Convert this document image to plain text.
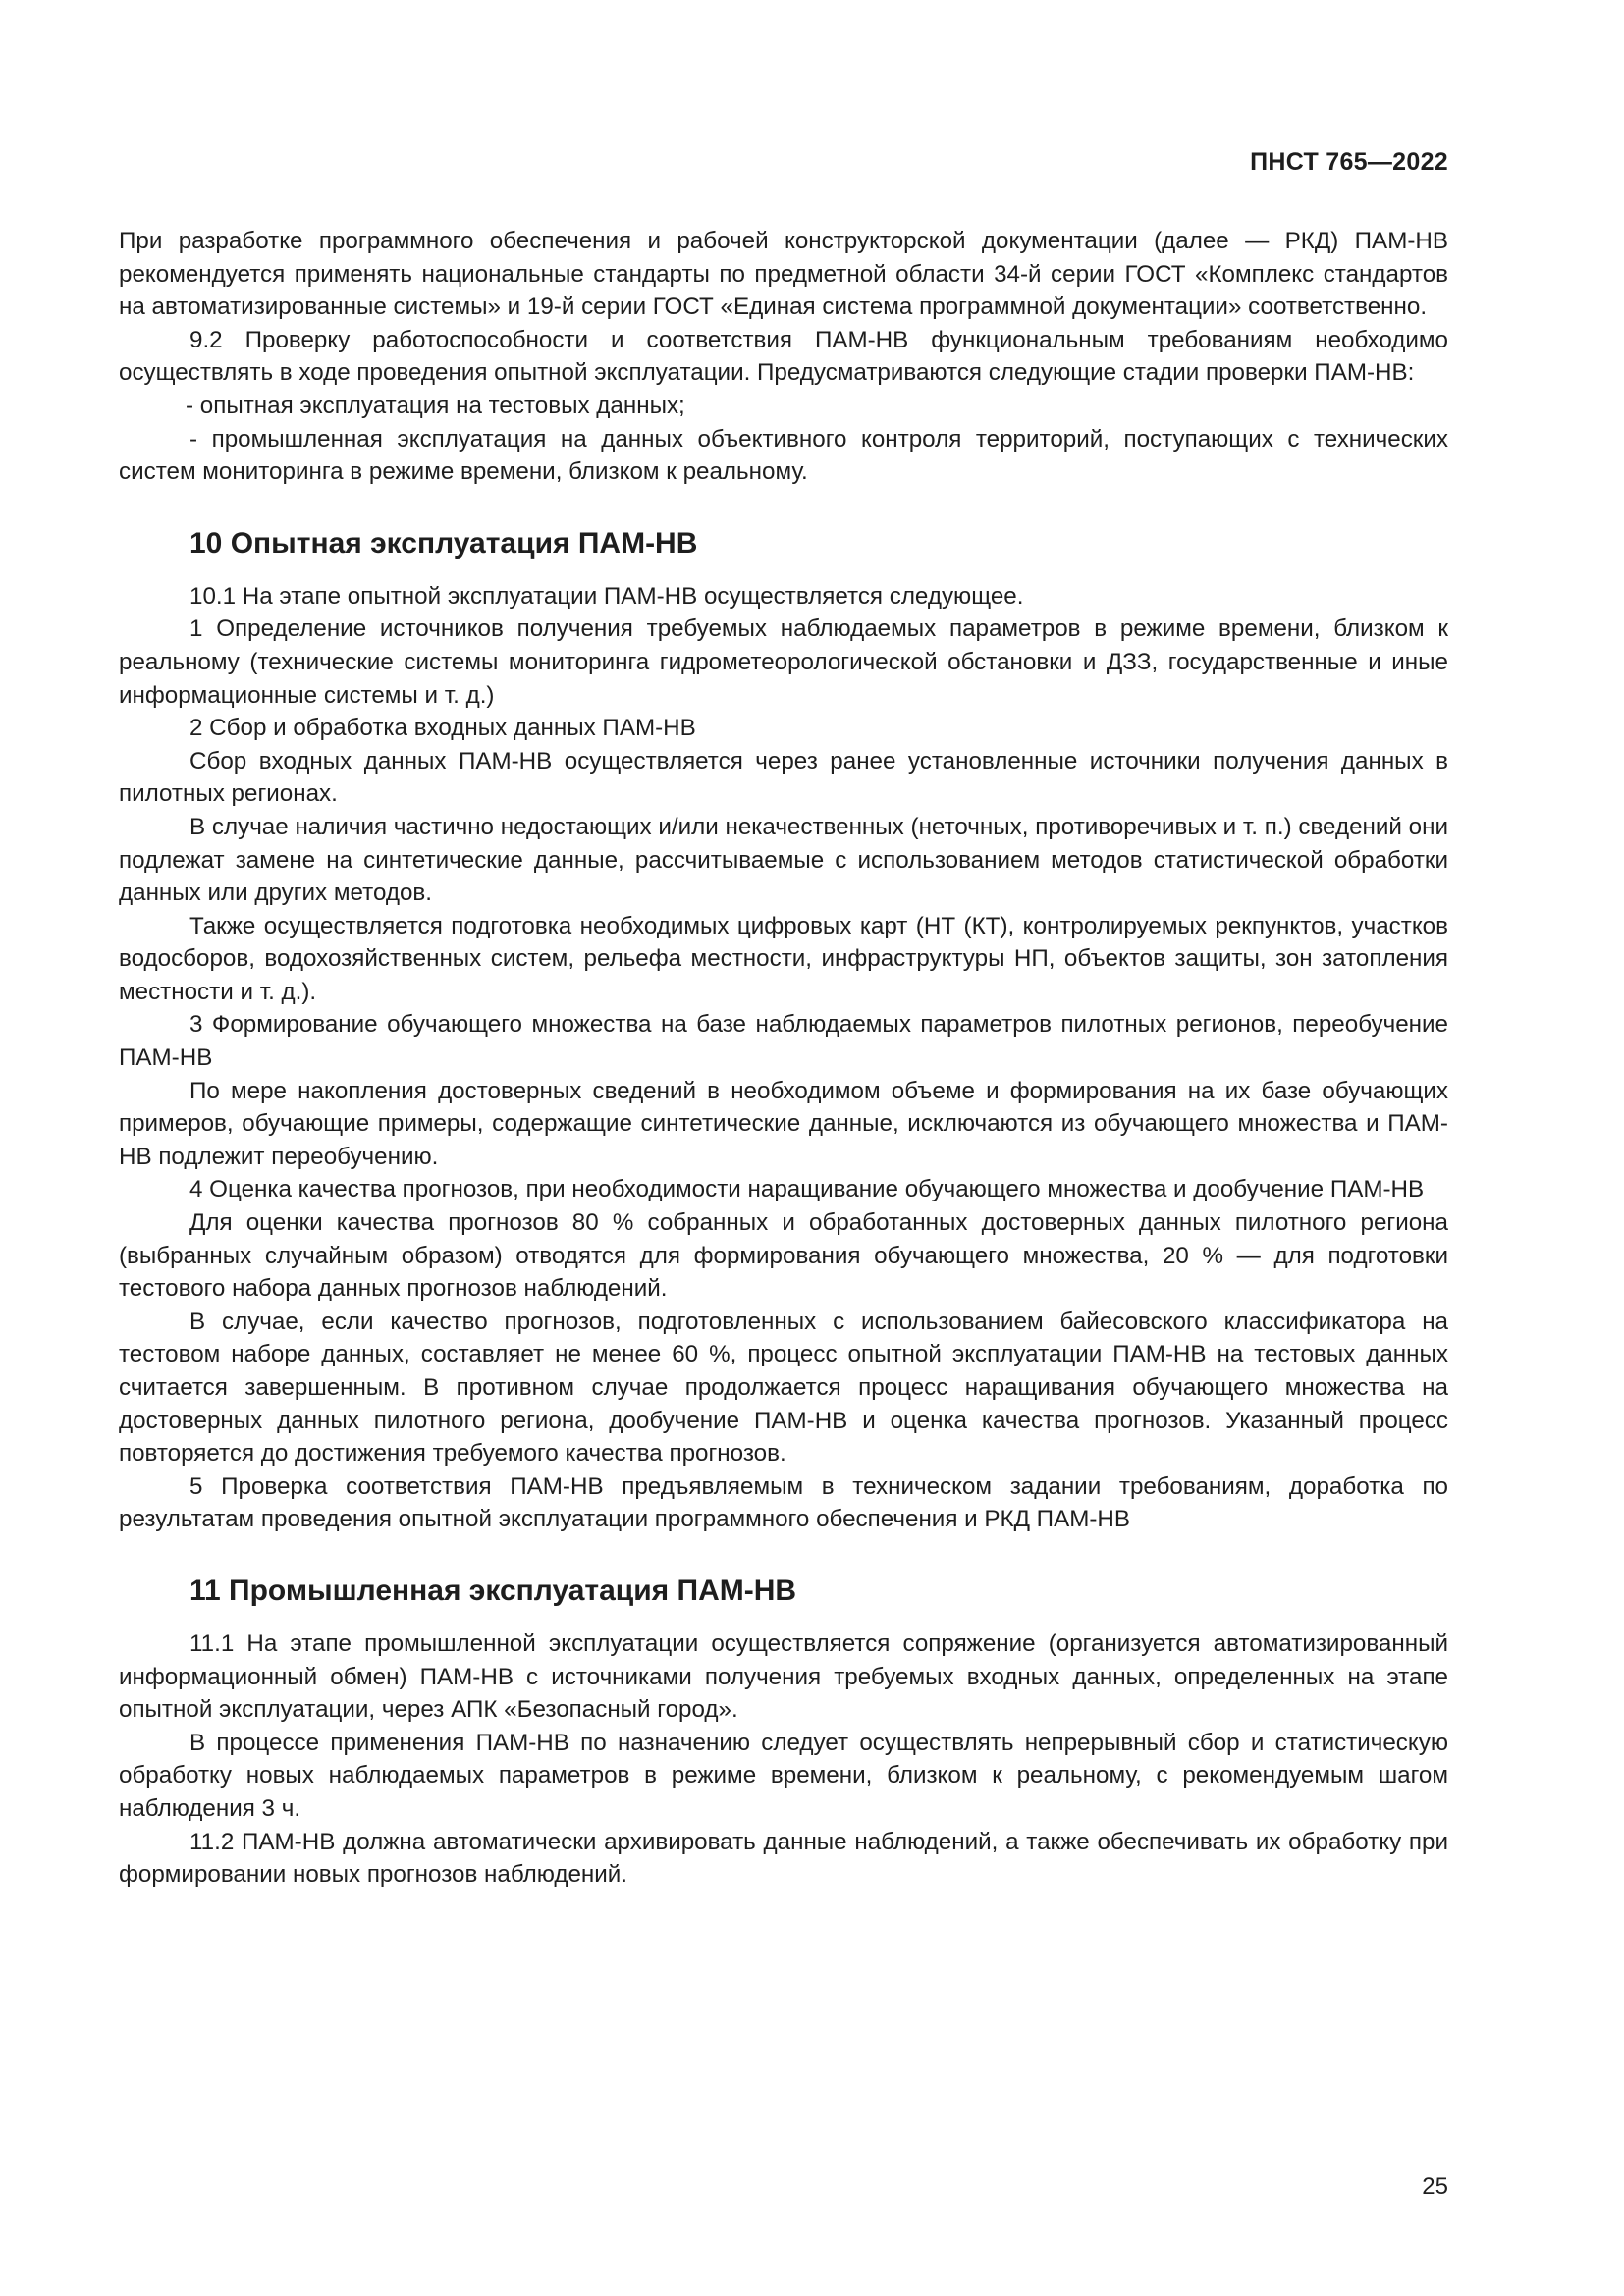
ПНСТ 765—2022

При разработке программного обеспечения и рабочей конструкторской документации (далее — РКД) ПАМ-НВ рекомендуется применять национальные стандарты по предметной области 34-й серии ГОСТ «Комплекс стандартов на автоматизированные системы» и 19-й серии ГОСТ «Единая система программной документации» соответственно.

9.2 Проверку работоспособности и соответствия ПАМ-НВ функциональным требованиям необходимо осуществлять в ходе проведения опытной эксплуатации. Предусматриваются следующие стадии проверки ПАМ-НВ:

- опытная эксплуатация на тестовых данных;

- промышленная эксплуатация на данных объективного контроля территорий, поступающих с технических систем мониторинга в режиме времени, близком к реальному.

10 Опытная эксплуатация ПАМ-НВ

10.1 На этапе опытной эксплуатации ПАМ-НВ осуществляется следующее.

1 Определение источников получения требуемых наблюдаемых параметров в режиме времени, близком к реальному (технические системы мониторинга гидрометеорологической обстановки и ДЗЗ, государственные и иные информационные системы и т. д.)

2 Сбор и обработка входных данных ПАМ-НВ

Сбор входных данных ПАМ-НВ осуществляется через ранее установленные источники получения данных в пилотных регионах.

В случае наличия частично недостающих и/или некачественных (неточных, противоречивых и т. п.) сведений они подлежат замене на синтетические данные, рассчитываемые с использованием методов статистической обработки данных или других методов.

Также осуществляется подготовка необходимых цифровых карт (НТ (КТ), контролируемых рекпунктов, участков водосборов, водохозяйственных систем, рельефа местности, инфраструктуры НП, объектов защиты, зон затопления местности и т. д.).

3 Формирование обучающего множества на базе наблюдаемых параметров пилотных регионов, переобучение ПАМ-НВ

По мере накопления достоверных сведений в необходимом объеме и формирования на их базе обучающих примеров, обучающие примеры, содержащие синтетические данные, исключаются из обучающего множества и ПАМ-НВ подлежит переобучению.

4 Оценка качества прогнозов, при необходимости наращивание обучающего множества и дообучение ПАМ-НВ

Для оценки качества прогнозов 80 % собранных и обработанных достоверных данных пилотного региона (выбранных случайным образом) отводятся для формирования обучающего множества, 20 % — для подготовки тестового набора данных прогнозов наблюдений.

В случае, если качество прогнозов, подготовленных с использованием байесовского классификатора на тестовом наборе данных, составляет не менее 60 %, процесс опытной эксплуатации ПАМ-НВ на тестовых данных считается завершенным. В противном случае продолжается процесс наращивания обучающего множества на достоверных данных пилотного региона, дообучение ПАМ-НВ и оценка качества прогнозов. Указанный процесс повторяется до достижения требуемого качества прогнозов.

5 Проверка соответствия ПАМ-НВ предъявляемым в техническом задании требованиям, доработка по результатам проведения опытной эксплуатации программного обеспечения и РКД ПАМ-НВ

11 Промышленная эксплуатация ПАМ-НВ

11.1 На этапе промышленной эксплуатации осуществляется сопряжение (организуется автоматизированный информационный обмен) ПАМ-НВ с источниками получения требуемых входных данных, определенных на этапе опытной эксплуатации, через АПК «Безопасный город».

В процессе применения ПАМ-НВ по назначению следует осуществлять непрерывный сбор и статистическую обработку новых наблюдаемых параметров в режиме времени, близком к реальному, с рекомендуемым шагом наблюдения 3 ч.

11.2 ПАМ-НВ должна автоматически архивировать данные наблюдений, а также обеспечивать их обработку при формировании новых прогнозов наблюдений.

25
